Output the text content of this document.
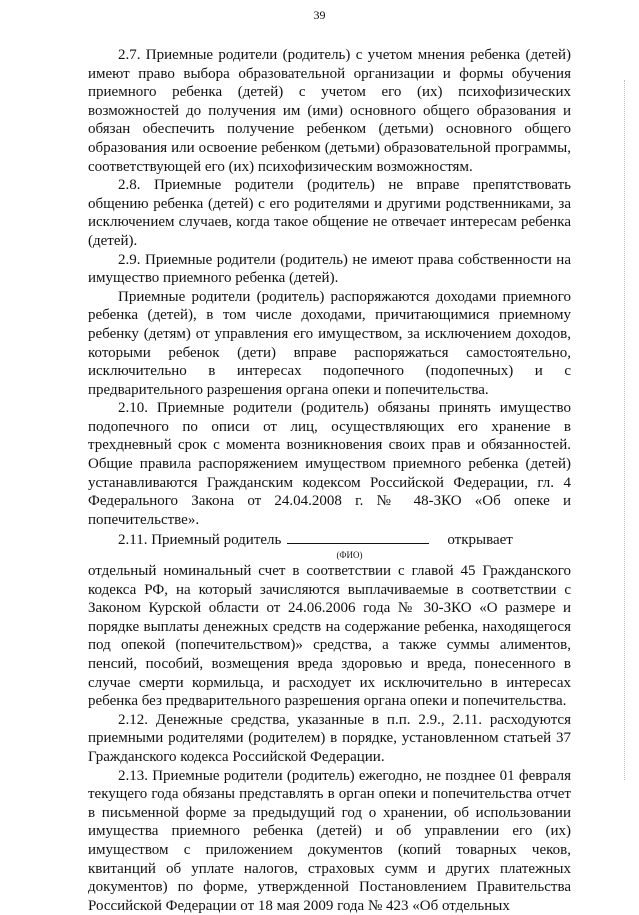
39

2.7. Приемные родители (родитель) с учетом мнения ребенка (детей) имеют право выбора образовательной организации и формы обучения приемного ребенка (детей) с учетом его (их) психофизических возможностей до получения им (ими) основного общего образования и обязан обеспечить получение ребенком (детьми) основного общего образования или освоение ребенком (детьми) образовательной программы, соответствующей его (их) психофизическим возможностям.

2.8. Приемные родители (родитель) не вправе препятствовать общению ребенка (детей) с его родителями и другими родственниками, за исключением случаев, когда такое общение не отвечает интересам ребенка (детей).

2.9. Приемные родители (родитель) не имеют права собственности на имущество приемного ребенка (детей).

Приемные родители (родитель) распоряжаются доходами приемного ребенка (детей), в том числе доходами, причитающимися приемному ребенку (детям) от управления его имуществом, за исключением доходов, которыми ребенок (дети) вправе распоряжаться самостоятельно, исключительно в интересах подопечного (подопечных) и с предварительного разрешения органа опеки и попечительства.

2.10. Приемные родители (родитель) обязаны принять имущество подопечного по описи от лиц, осуществляющих его хранение в трехдневный срок с момента возникновения своих прав и обязанностей. Общие правила распоряжением имуществом приемного ребенка (детей) устанавливаются Гражданским кодексом Российской Федерации, гл. 4 Федерального Закона от 24.04.2008 г. № 48-ЗКО «Об опеке и попечительстве».

2.11. Приемный родитель	открывает
(ФИО)

отдельный номинальный счет в соответствии с главой 45 Гражданского кодекса РФ, на который зачисляются выплачиваемые в соответствии с Законом Курской области от 24.06.2006 года № 30-ЗКО «О размере и порядке выплаты денежных средств на содержание ребенка, находящегося под опекой (попечительством)» средства, а также суммы алиментов, пенсий, пособий, возмещения вреда здоровью и вреда, понесенного в случае смерти кормильца, и расходует их исключительно в интересах ребенка без предварительного разрешения органа опеки и попечительства.

2.12. Денежные средства, указанные в п.п. 2.9., 2.11. расходуются приемными родителями (родителем) в порядке, установленном статьей 37 Гражданского кодекса Российской Федерации.

2.13. Приемные родители (родитель) ежегодно, не позднее 01 февраля текущего года обязаны представлять в орган опеки и попечительства отчет в письменной форме за предыдущий год о хранении, об использовании имущества приемного ребенка (детей) и об управлении его (их) имуществом с приложением документов (копий товарных чеков, квитанций об уплате налогов, страховых сумм и других платежных документов) по форме, утвержденной Постановлением Правительства Российской Федерации от 18 мая 2009 года № 423 «Об отдельных
